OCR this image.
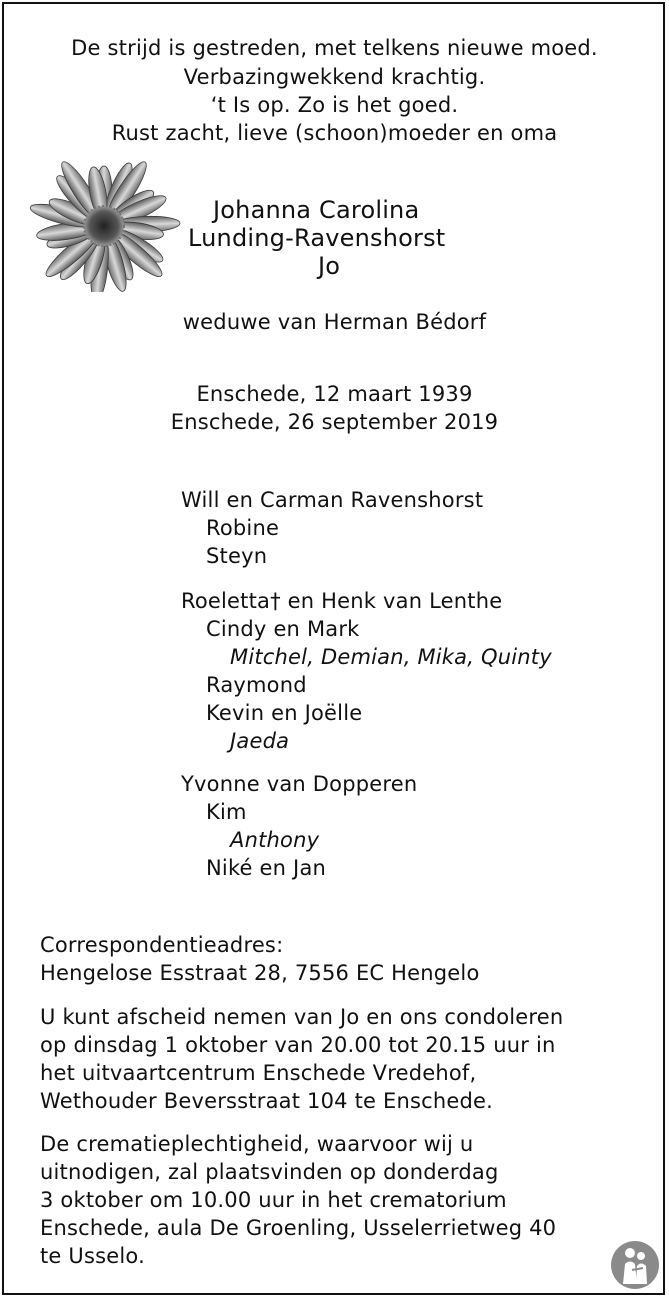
De strijd is gestreden, met telkens nieuwe moed.
Verbazingwekkend krachtig.
‘t Is op. Zo is het goed.
Rust zacht, lieve (schoon)moeder en oma
Johanna Carolina
Lunding-Ravenshorst
Jo
weduwe van Herman Bédorf
Enschede, 12 maart 1939
Enschede, 26 september 2019
Will en Carman Ravenshorst
Robine
Steyn
Roeletta† en Henk van Lenthe
Cindy en Mark
Mitchel, Demian, Mika, Quinty
Raymond
Kevin en Joëlle
Jaeda
Yvonne van Dopperen
Kim
Anthony
Niké en Jan
Correspondentieadres:
Hengelose Esstraat 28, 7556 EC Hengelo
U kunt afscheid nemen van Jo en ons condoleren
op dinsdag 1 oktober van 20.00 tot 20.15 uur in
het uitvaartcentrum Enschede Vredehof,
Wethouder Beversstraat 104 te Enschede.
De crematieplechtigheid, waarvoor wij u
uitnodigen, zal plaatsvinden op donderdag
3 oktober om 10.00 uur in het crematorium
Enschede, aula De Groenling, Usselerrietweg 40
te Usselo.
